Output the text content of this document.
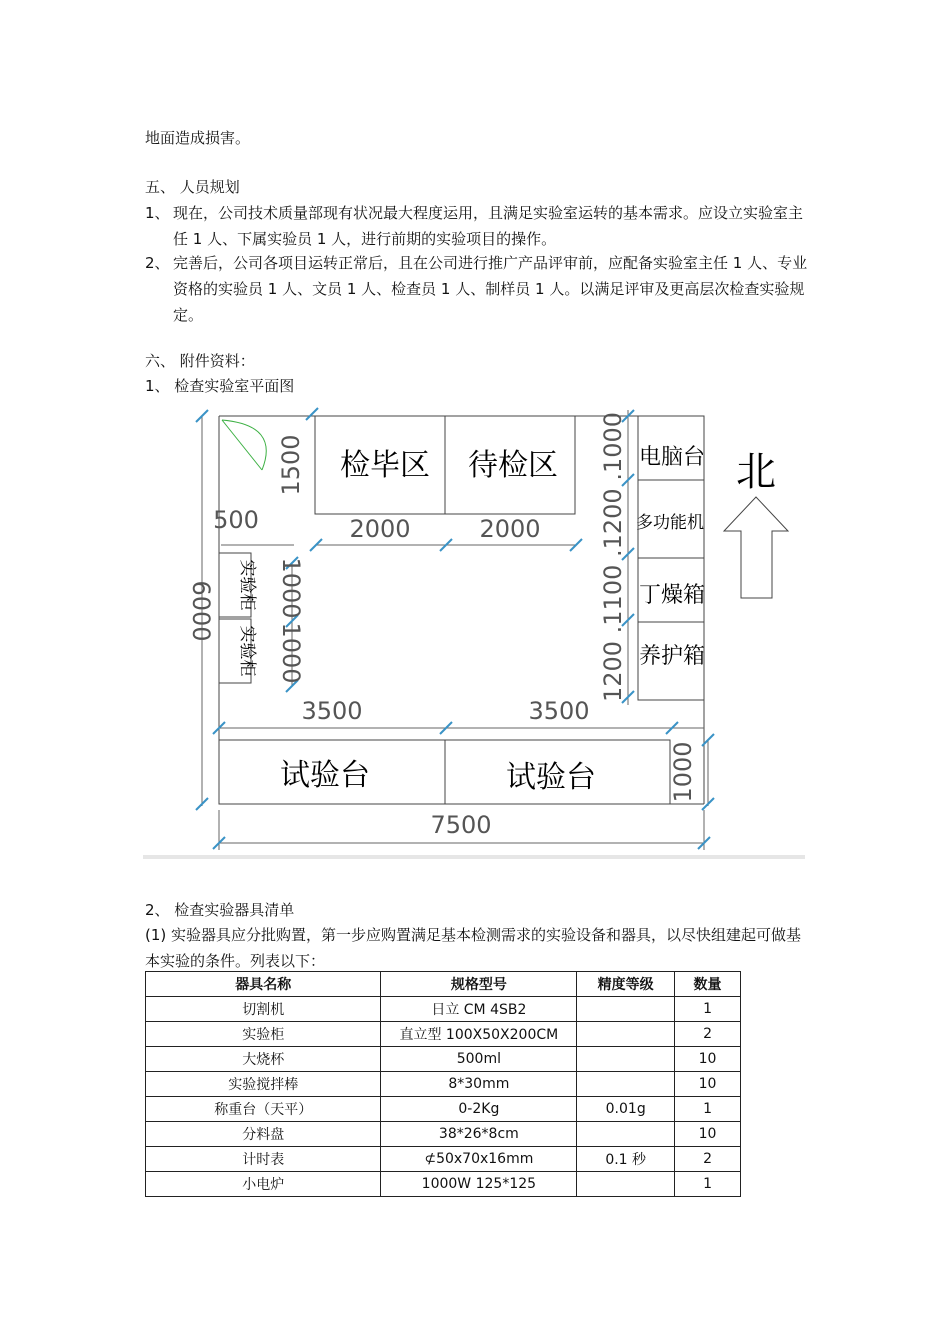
地面造成损害。
五、 人员规划
1、 现在，公司技术质量部现有状况最大程度运用，且满足实验室运转的基本需求。应设立实验室主任 1 人、下属实验员 1 人，进行前期的实验项目的操作。
2、 完善后，公司各项目运转正常后，且在公司进行推广产品评审前，应配备实验室主任 1 人、专业资格的实验员 1 人、文员 1 人、检查员 1 人、制样员 1 人。以满足评审及更高层次检查实验规定。
六、 附件资料：
1、 检查实验室平面图
检毕区 待检区	电脑台
多功能机
丁燥箱
养护箱
试验台	试验台
北
实验柜
实验柜
6000
500
1500
2000	2000
1000
1000
3500	3500
7500
1000
1200 .1100 .1200 .1000
2、 检查实验器具清单
(1) 实验器具应分批购置，第一步应购置满足基本检测需求的实验设备和器具，以尽快组建起可做基本实验的条件。列表以下：
器具名称	规格型号	精度等级	数量
切割机	日立 CM 4SB2		1
实验柜	直立型 100X50X200CM		2
大烧杯	500ml		10
实验搅拌棒	8*30mm		10
称重台（天平）	0-2Kg	0.01g	1
分料盘	38*26*8cm		10
计时表	⊄50x70x16mm	0.1 秒	2
小电炉	1000W 125*125		1
